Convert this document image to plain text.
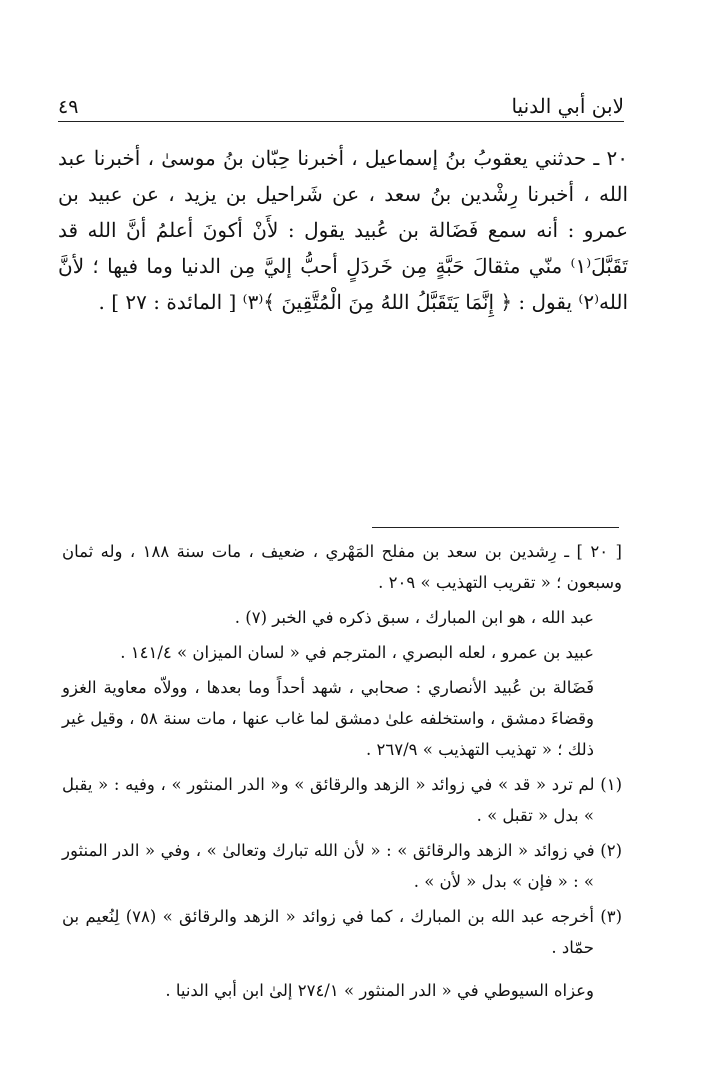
٤٩	لابن أبي الدنيا

٢٠ ـ حدثني يعقوبُ بنُ إسماعيل ، أخبرنا حِبّان بنُ موسىٰ ، أخبرنا عبد الله ، أخبرنا رِشْدين بنُ سعد ، عن شَراحيل بن يزيد ، عن عبيد بن عمرو : أنه سمع فَضَالة بن عُبيد يقول : لأَنْ أكونَ أعلمُ أنَّ الله قد تَقَبَّلَ⁽١⁾ منّي مثقالَ حَبَّةٍ مِن خَردَلٍ أحبُّ إليَّ مِن الدنيا وما فيها ؛ لأنَّ الله⁽٢⁾ يقول : ﴿ إِنَّمَا يَتَقَبَّلُ اللهُ مِنَ الْمُتَّقِينَ ﴾⁽٣⁾ [ المائدة : ٢٧ ] .

[ ٢٠ ] ـ رِشدين بن سعد بن مفلح المَهْري ، ضعيف ، مات سنة ١٨٨ ، وله ثمان وسبعون ؛ « تقريب التهذيب » ٢٠٩ .

عبد الله ، هو ابن المبارك ، سبق ذكره في الخبر (٧) .

عبيد بن عمرو ، لعله البصري ، المترجم في « لسان الميزان » ١٤١/٤ .

فَضَالة بن عُبيد الأنصاري : صحابي ، شهد أحداً وما بعدها ، وولاّه معاوية الغزو وقضاءَ دمشق ، واستخلفه علىٰ دمشق لما غاب عنها ، مات سنة ٥٨ ، وقيل غير ذلك ؛ « تهذيب التهذيب » ٢٦٧/٩ .

(١) لم ترد « قد » في زوائد « الزهد والرقائق » و« الدر المنثور » ، وفيه : « يقبل » بدل « تقبل » .

(٢) في زوائد « الزهد والرقائق » : « لأن الله تبارك وتعالىٰ » ، وفي « الدر المنثور » : « فإن » بدل « لأن » .

(٣) أخرجه عبد الله بن المبارك ، كما في زوائد « الزهد والرقائق » (٧٨) لِنُعيم بن حمّاد .

وعزاه السيوطي في « الدر المنثور » ٢٧٤/١ إلىٰ ابن أبي الدنيا .
